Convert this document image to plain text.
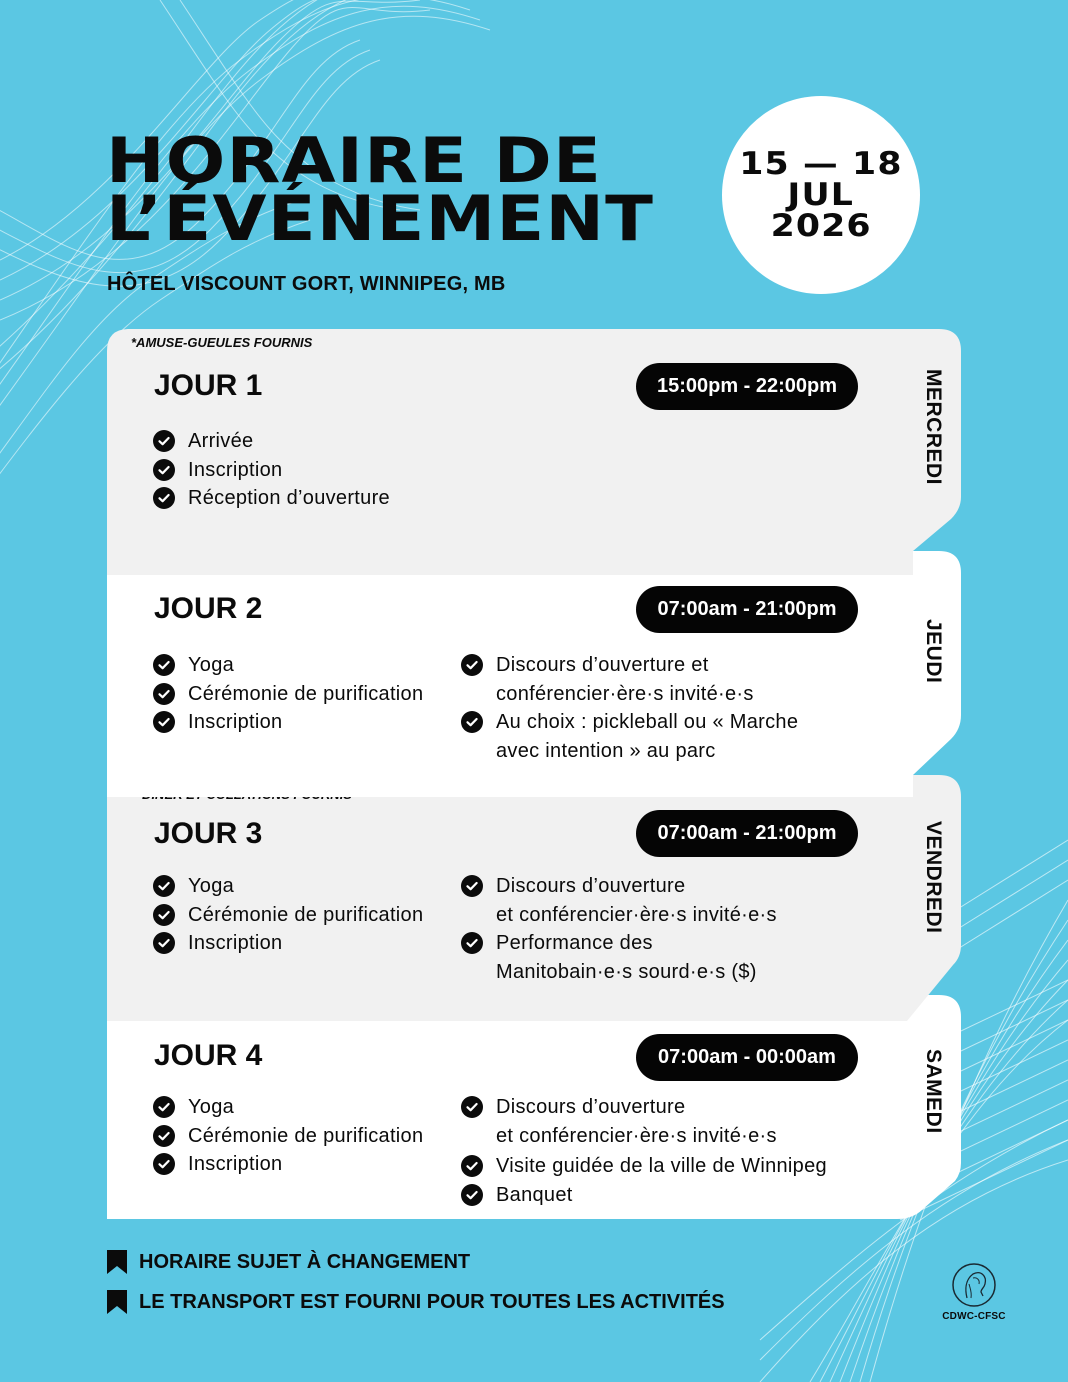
HORAIRE DE
L’ÉVÉNEMENT
HÔTEL VISCOUNT GORT, WINNIPEG, MB
15 — 18
JUL
2026
JOUR 4	07:00am - 00:00am	SAMEDI
Yoga
Cérémonie de purification
Inscription
Discours d’ouverture
et conférencier·ère·s invité·e·s
Visite guidée de la ville de Winnipeg
Banquet
JOUR 3	07:00am - 21:00pm	VENDREDI
Yoga
Cérémonie de purification
Inscription
Discours d’ouverture
et conférencier·ère·s invité·e·s
Performance des
Manitobain·e·s sourd·e·s ($)
JOUR 2	07:00am - 21:00pm
JEUDI
Yoga
Cérémonie de purification
Inscription
Discours d’ouverture et
conférencier·ère·s invité·e·s
Au choix : pickleball ou « Marche
avec intention » au parc
*AMUSE-GUEULES FOURNIS
JOUR 1	15:00pm - 22:00pm	MERCREDI
Arrivée
Inscription
Réception d’ouverture
HORAIRE SUJET À CHANGEMENT
LE TRANSPORT EST FOURNI POUR TOUTES LES ACTIVITÉS
CDWC-CFSC
